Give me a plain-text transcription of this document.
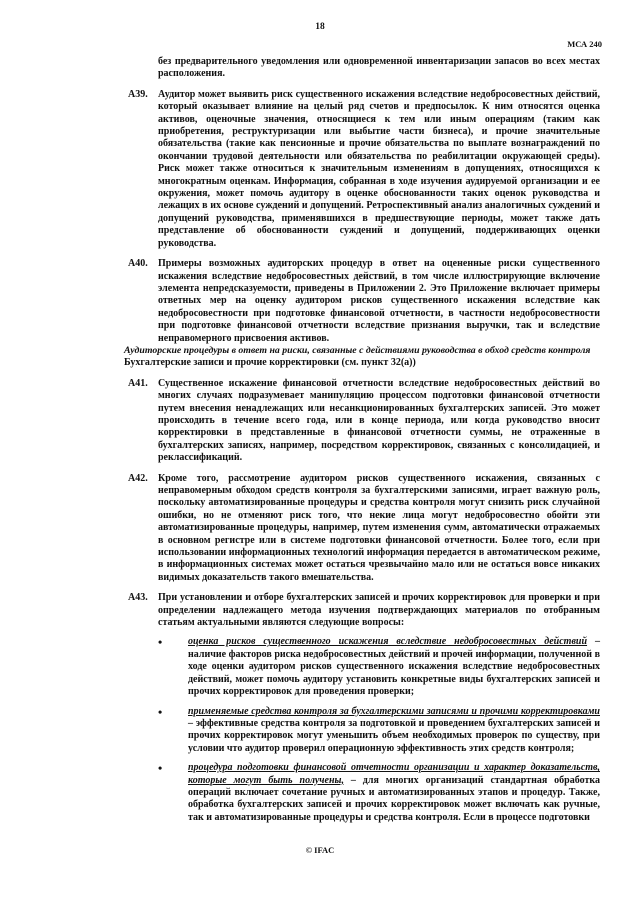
18
МСА 240

без предварительного уведомления или одновременной инвентаризации запасов во всех местах расположения.

A39. Аудитор может выявить риск существенного искажения вследствие недобросовестных действий, который оказывает влияние на целый ряд счетов и предпосылок. К ним относятся оценка активов, оценочные значения, относящиеся к тем или иным операциям (таким как приобретения, реструктуризации или выбытие части бизнеса), и прочие значительные обязательства (такие как пенсионные и прочие обязательства по выплате вознаграждений по окончании трудовой деятельности или обязательства по реабилитации окружающей среды). Риск может также относиться к значительным изменениям в допущениях, относящихся к многократным оценкам. Информация, собранная в ходе изучения аудируемой организации и ее окружения, может помочь аудитору в оценке обоснованности таких оценок руководства и лежащих в их основе суждений и допущений. Ретроспективный анализ аналогичных суждений и допущений руководства, применявшихся в предшествующие периоды, может также дать представление об обоснованности суждений и допущений, поддерживающих оценки руководства.

A40. Примеры возможных аудиторских процедур в ответ на оцененные риски существенного искажения вследствие недобросовестных действий, в том числе иллюстрирующие включение элемента непредсказуемости, приведены в Приложении 2. Это Приложение включает примеры ответных мер на оценку аудитором рисков существенного искажения вследствие как недобросовестности при подготовке финансовой отчетности, в частности недобросовестности при подготовке финансовой отчетности вследствие признания выручки, так и вследствие неправомерного присвоения активов.

Аудиторские процедуры в ответ на риски, связанные с действиями руководства в обход средств контроля

Бухгалтерские записи и прочие корректировки (см. пункт 32(a))

A41. Существенное искажение финансовой отчетности вследствие недобросовестных действий во многих случаях подразумевает манипуляцию процессом подготовки финансовой отчетности путем внесения ненадлежащих или несанкционированных бухгалтерских записей. Это может происходить в течение всего года, или в конце периода, или когда руководство вносит корректировки в представленные в финансовой отчетности суммы, не отраженные в бухгалтерских записях, например, посредством корректировок, связанных с консолидацией, и реклассификаций.

A42. Кроме того, рассмотрение аудитором рисков существенного искажения, связанных с неправомерным обходом средств контроля за бухгалтерскими записями, играет важную роль, поскольку автоматизированные процедуры и средства контроля могут снизить риск случайной ошибки, но не отменяют риск того, что некие лица могут недобросовестно обойти эти автоматизированные процедуры, например, путем изменения сумм, автоматически отражаемых в основном регистре или в системе подготовки финансовой отчетности. Более того, если при использовании информационных технологий информация передается в автоматическом режиме, в информационных системах может остаться чрезвычайно мало или не остаться вовсе никаких видимых доказательств такого вмешательства.

A43. При установлении и отборе бухгалтерских записей и прочих корректировок для проверки и при определении надлежащего метода изучения подтверждающих материалов по отобранным статьям актуальными являются следующие вопросы:

•	оценка рисков существенного искажения вследствие недобросовестных действий – наличие факторов риска недобросовестных действий и прочей информации, полученной в ходе оценки аудитором рисков существенного искажения вследствие недобросовестных действий, может помочь аудитору установить конкретные виды бухгалтерских записей и прочих корректировок для проведения проверки;

•	применяемые средства контроля за бухгалтерскими записями и прочими корректировками – эффективные средства контроля за подготовкой и проведением бухгалтерских записей и прочих корректировок могут уменьшить объем необходимых проверок по существу, при условии что аудитор проверил операционную эффективность этих средств контроля;

•	процедура подготовки финансовой отчетности организации и характер доказательств, которые могут быть получены, – для многих организаций стандартная обработка операций включает сочетание ручных и автоматизированных этапов и процедур. Также, обработка бухгалтерских записей и прочих корректировок может включать как ручные, так и автоматизированные процедуры и средства контроля. Если в процессе подготовки

© IFAC
